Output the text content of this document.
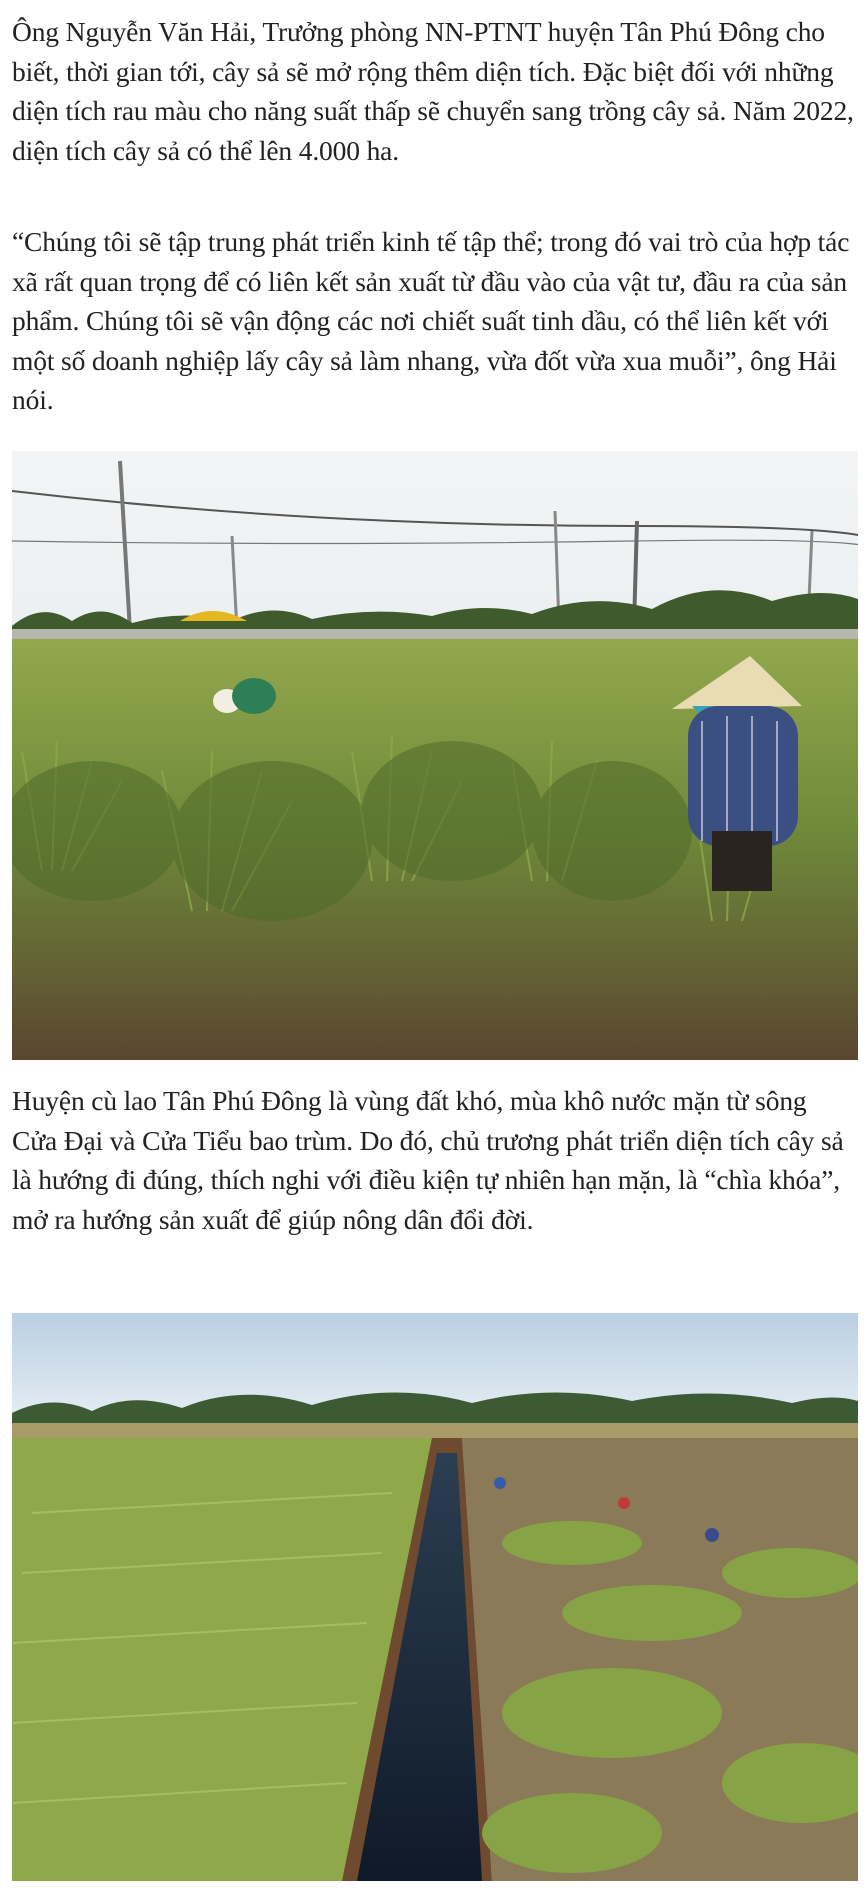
Ông Nguyễn Văn Hải, Trưởng phòng NN-PTNT huyện Tân Phú Đông cho biết, thời gian tới, cây sả sẽ mở rộng thêm diện tích. Đặc biệt đối với những diện tích rau màu cho năng suất thấp sẽ chuyển sang trồng cây sả. Năm 2022, diện tích cây sả có thể lên 4.000 ha.

“Chúng tôi sẽ tập trung phát triển kinh tế tập thể; trong đó vai trò của hợp tác xã rất quan trọng để có liên kết sản xuất từ đầu vào của vật tư, đầu ra của sản phẩm. Chúng tôi sẽ vận động các nơi chiết suất tinh dầu, có thể liên kết với một số doanh nghiệp lấy cây sả làm nhang, vừa đốt vừa xua muỗi”, ông Hải nói.

Huyện cù lao Tân Phú Đông là vùng đất khó, mùa khô nước mặn từ sông Cửa Đại và Cửa Tiểu bao trùm. Do đó, chủ trương phát triển diện tích cây sả là hướng đi đúng, thích nghi với điều kiện tự nhiên hạn mặn, là “chìa khóa”, mở ra hướng sản xuất để giúp nông dân đổi đời.
